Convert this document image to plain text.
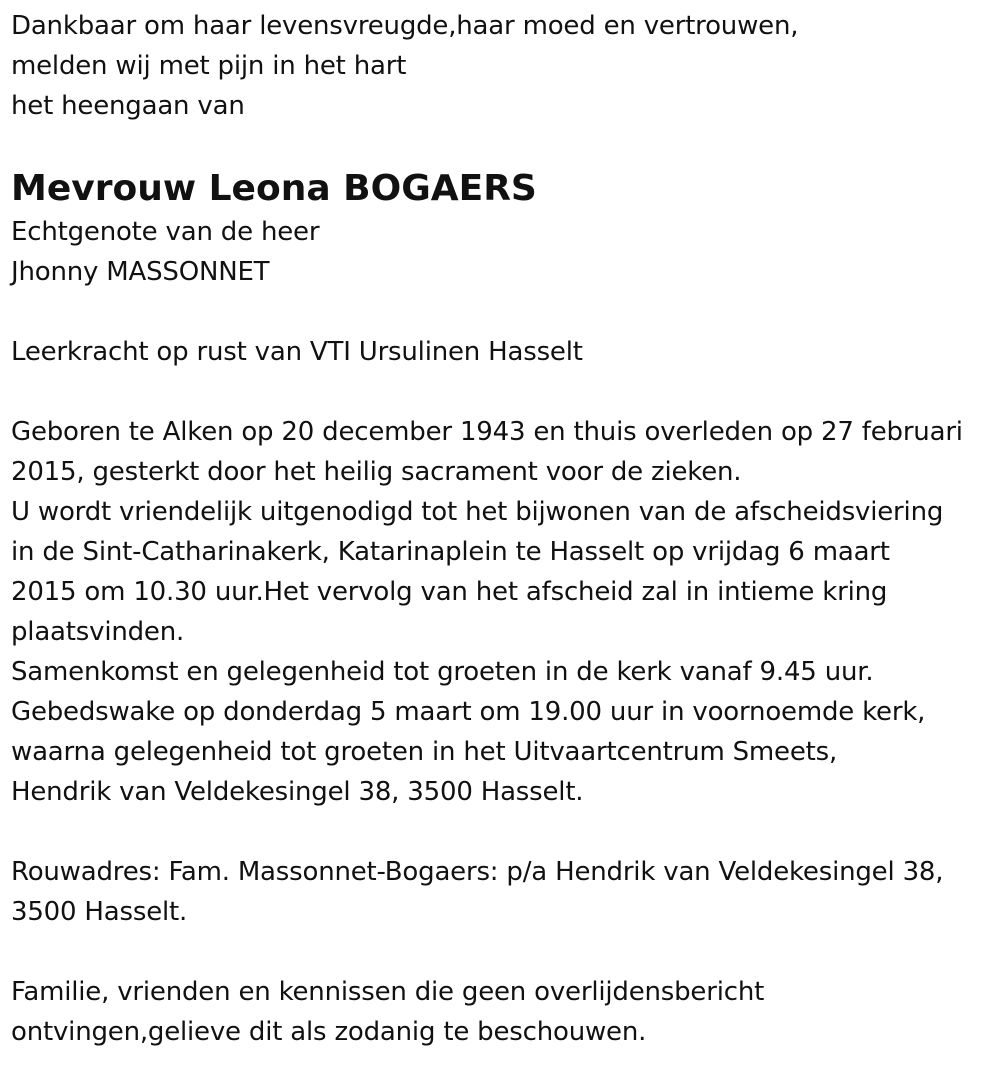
Dankbaar om haar levensvreugde,haar moed en vertrouwen,
melden wij met pijn in het hart
het heengaan van
Mevrouw Leona BOGAERS
Echtgenote van de heer
Jhonny MASSONNET
Leerkracht op rust van VTI Ursulinen Hasselt
Geboren te Alken op 20 december 1943 en thuis overleden op 27 februari
2015, gesterkt door het heilig sacrament voor de zieken.
U wordt vriendelijk uitgenodigd tot het bijwonen van de afscheidsviering
in de Sint-Catharinakerk, Katarinaplein te Hasselt op vrijdag 6 maart
2015 om 10.30 uur.Het vervolg van het afscheid zal in intieme kring
plaatsvinden.
Samenkomst en gelegenheid tot groeten in de kerk vanaf 9.45 uur.
Gebedswake op donderdag 5 maart om 19.00 uur in voornoemde kerk,
waarna gelegenheid tot groeten in het Uitvaartcentrum Smeets,
Hendrik van Veldekesingel 38, 3500 Hasselt.
Rouwadres: Fam. Massonnet-Bogaers: p/a Hendrik van Veldekesingel 38,
3500 Hasselt.
Familie, vrienden en kennissen die geen overlijdensbericht
ontvingen,gelieve dit als zodanig te beschouwen.
